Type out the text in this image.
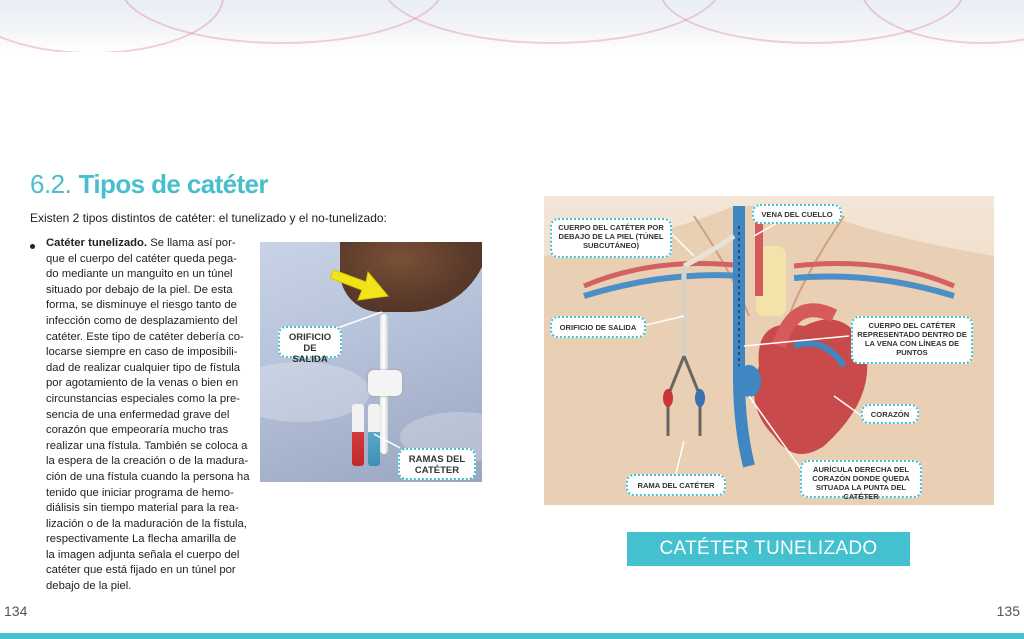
6.2. Tipos de catéter

Existen 2 tipos distintos de catéter: el tunelizado y el no-tunelizado:

Catéter tunelizado. Se llama así por-
que el cuerpo del catéter queda pega-
do mediante un manguito en un túnel
situado por debajo de la piel. De esta
forma, se disminuye el riesgo tanto de
infección como de desplazamiento del
catéter. Este tipo de catéter debería co-
locarse siempre en caso de imposibili-
dad de realizar cualquier tipo de fístula
por agotamiento de la venas o bien en
circunstancias especiales como la pre-
sencia de una enfermedad grave del
corazón que empeoraría mucho tras
realizar una fístula. También se coloca a
la espera de la creación o de la madura-
ción de una fístula cuando la persona ha
tenido que iniciar programa de hemo-
diálisis sin tiempo material para la rea-
lización o de la maduración de la fístula,
respectivamente La flecha amarilla de
la imagen adjunta señala el cuerpo del
catéter que está fijado en un túnel por
debajo de la piel.

ORIFICIO DE SALIDA
RAMAS DEL CATÉTER
CUERPO DEL CATÉTER POR DEBAJO DE LA PIEL (TÚNEL SUBCUTÁNEO)
VENA DEL CUELLO
ORIFICIO DE SALIDA	CUERPO DEL CATÉTER REPRESENTADO DENTRO DE LA VENA CON LÍNEAS DE PUNTOS
CORAZÓN
RAMA DEL CATÉTER
AURÍCULA DERECHA DEL CORAZÓN DONDE QUEDA SITUADA LA PUNTA DEL CATÉTER
CATÉTER TUNELIZADO
134	135
